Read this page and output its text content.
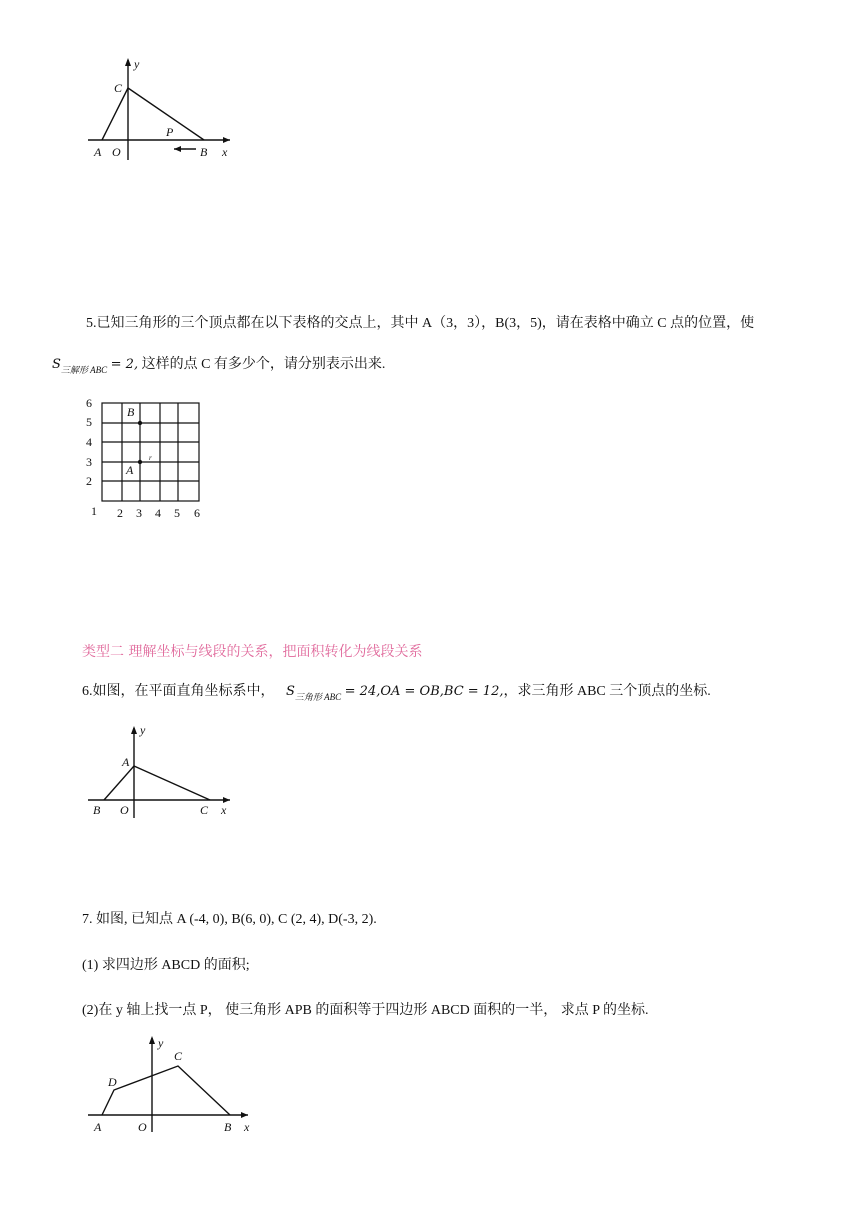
y
C
P
A O	B x
5.已知三角形的三个顶点都在以下表格的交点上，其中 A（3，3），B(3，5)，请在表格中确立 C 点的位置，使
$S_{三解形 ABC} = 2$, 这样的点 C 有多少个，请分别表示出来.
6
5
4
3
2
1 2 3 4 5 6
B
A
r
类型二 理解坐标与线段的关系，把面积转化为线段关系
6.如图，在平面直角坐标系中， $S_{三角形 ABC} = 24,OA = OB,BC = 12$,，求三角形 ABC 三个顶点的坐标.
y
A
B O	C x
7. 如图, 已知点 A (-4, 0), B(6, 0), C (2, 4), D(-3, 2).
(1) 求四边形 ABCD 的面积;
(2)在 y 轴上找一点 P， 使三角形 APB 的面积等于四边形 ABCD 面积的一半， 求点 P 的坐标.
y
C
D
A	O	B x
